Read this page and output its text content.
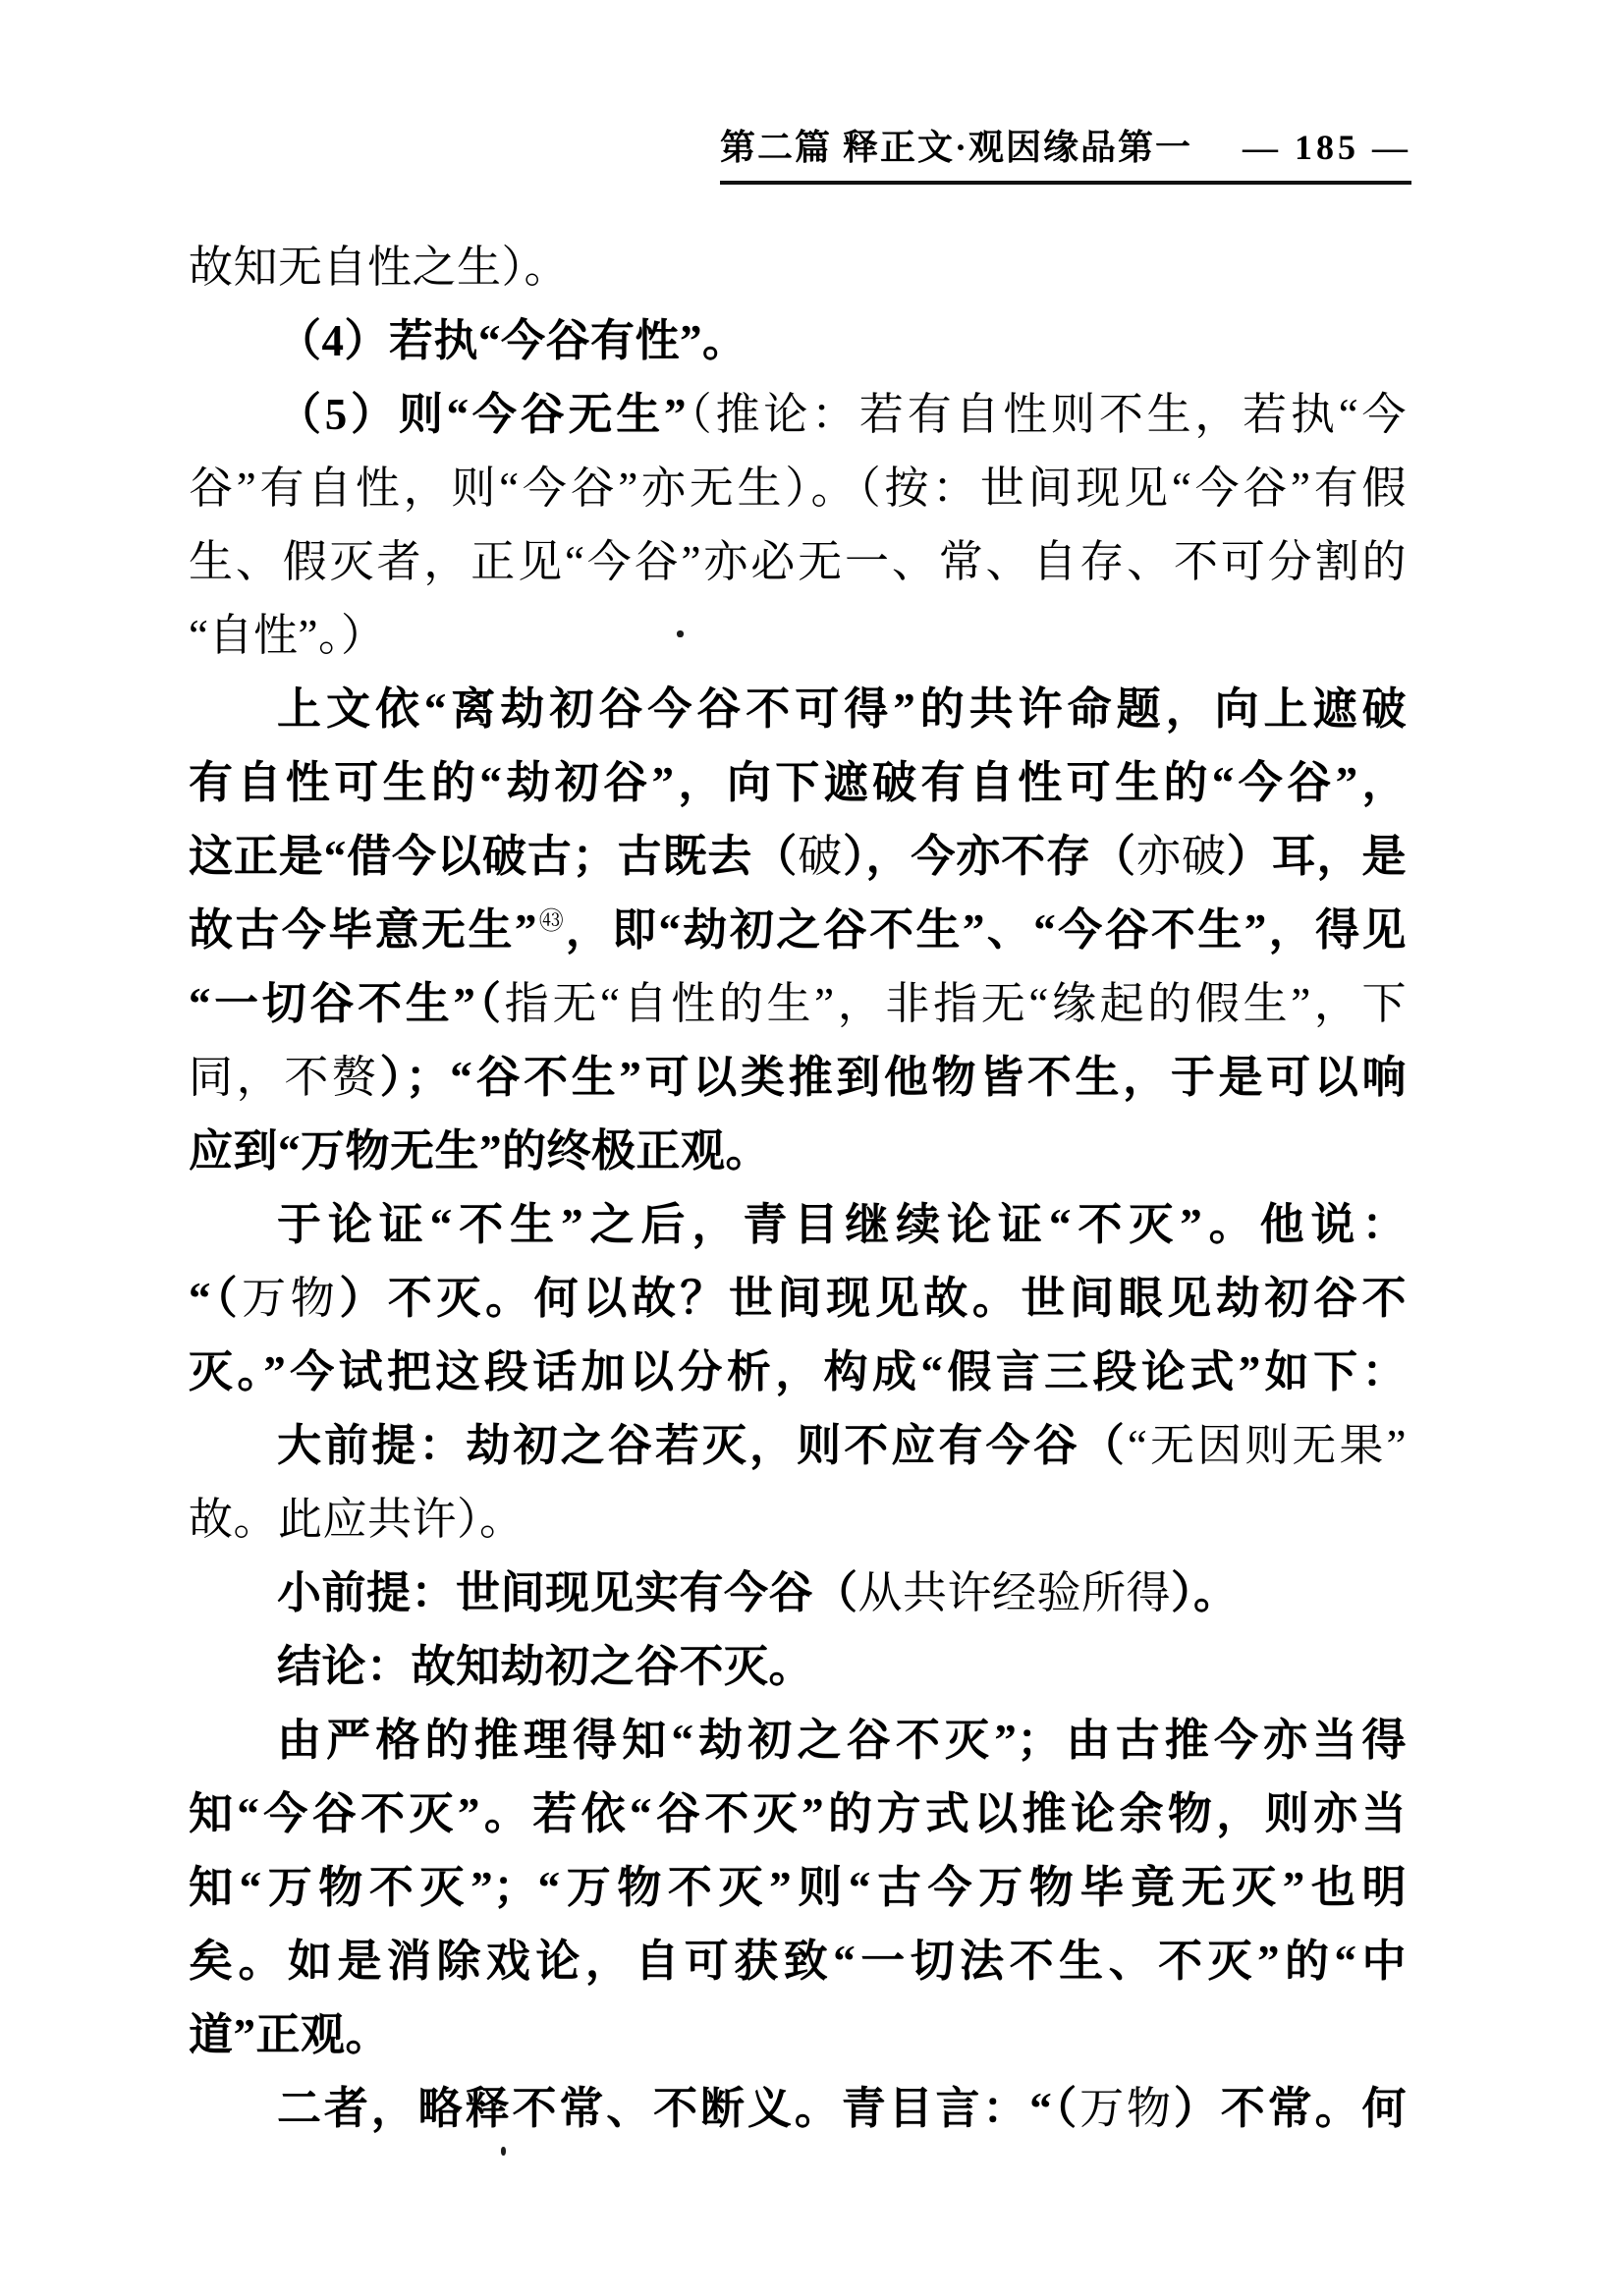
第二篇 释正文·观因缘品第一 — 185 —
故知无自性之生）。
（4）若执“今谷有性”。
（5）则“今谷无生”（推论：若有自性则不生，若执“今
谷”有自性，则“今谷”亦无生）。（按：世间现见“今谷”有假
生、假灭者，正见“今谷”亦必无一、常、自存、不可分割的
“自性”。）
上文依“离劫初谷今谷不可得”的共许命题，向上遮破
有自性可生的“劫初谷”，向下遮破有自性可生的“今谷”，
这正是“借今以破古；古既去（破），今亦不存（亦破）耳，是
故古今毕意无生”$^㊸$，即“劫初之谷不生”、“今谷不生”，得见
“一切谷不生”（指无“自性的生”，非指无“缘起的假生”，下
同，不赘）；“谷不生”可以类推到他物皆不生，于是可以响
应到“万物无生”的终极正观。
于论证“不生”之后，青目继续论证“不灭”。他说：
“（万物）不灭。何以故？世间现见故。世间眼见劫初谷不
灭。”今试把这段话加以分析，构成“假言三段论式”如下：
大前提：劫初之谷若灭，则不应有今谷（“无因则无果”
故。此应共许）。
小前提：世间现见实有今谷（从共许经验所得）。
结论：故知劫初之谷不灭。
由严格的推理得知“劫初之谷不灭”；由古推今亦当得
知“今谷不灭”。若依“谷不灭”的方式以推论余物，则亦当
知“万物不灭”；“万物不灭”则“古今万物毕竟无灭”也明
矣。如是消除戏论，自可获致“一切法不生、不灭”的“中
道”正观。
二者，略释不常、不断义。青目言：“（万物）不常。何
